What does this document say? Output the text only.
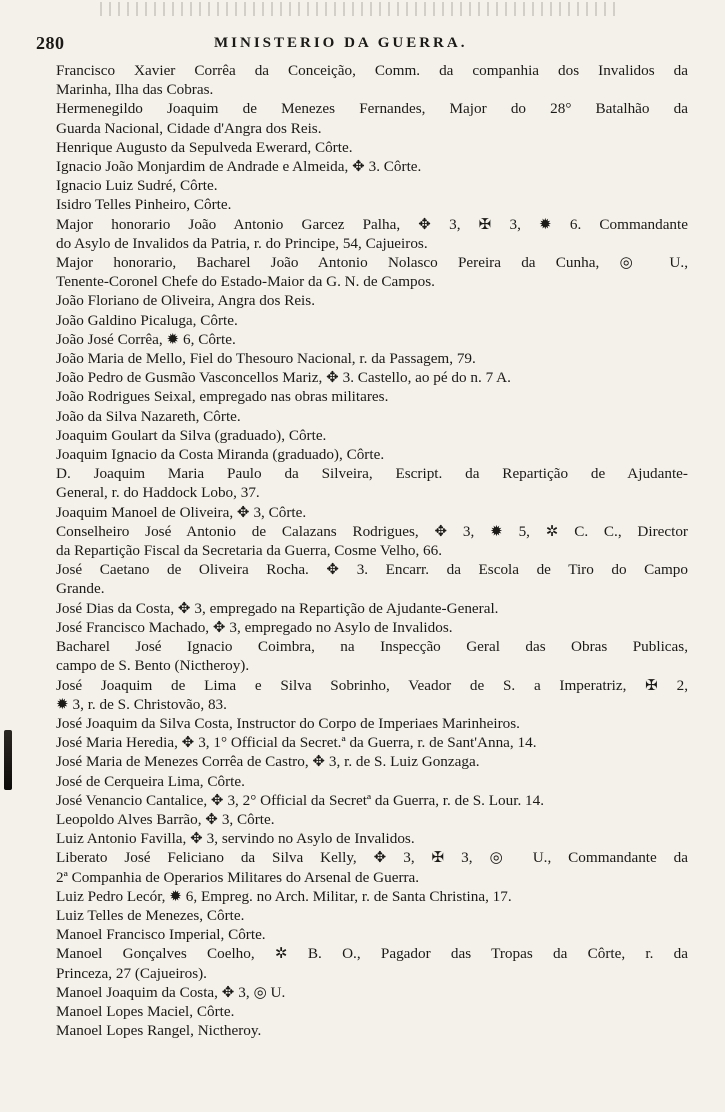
280	MINISTERIO DA GUERRA.
Francisco Xavier Corrêa da Conceição, Comm. da companhia dos Invalidos da
Marinha, Ilha das Cobras.
Hermenegildo Joaquim de Menezes Fernandes, Major do 28° Batalhão da
Guarda Nacional, Cidade d'Angra dos Reis.
Henrique Augusto da Sepulveda Ewerard, Côrte.
Ignacio João Monjardim de Andrade e Almeida, ✥ 3. Côrte.
Ignacio Luiz Sudré, Côrte.
Isidro Telles Pinheiro, Côrte.
Major honorario João Antonio Garcez Palha, ✥ 3, ✠ 3, ✹ 6. Commandante
do Asylo de Invalidos da Patria, r. do Principe, 54, Cajueiros.
Major honorario, Bacharel João Antonio Nolasco Pereira da Cunha, ◎ U.,
Tenente-Coronel Chefe do Estado-Maior da G. N. de Campos.
João Floriano de Oliveira, Angra dos Reis.
João Galdino Picaluga, Côrte.
João José Corrêa, ✹ 6, Côrte.
João Maria de Mello, Fiel do Thesouro Nacional, r. da Passagem, 79.
João Pedro de Gusmão Vasconcellos Mariz, ✥ 3. Castello, ao pé do n. 7 A.
João Rodrigues Seixal, empregado nas obras militares.
João da Silva Nazareth, Côrte.
Joaquim Goulart da Silva (graduado), Côrte.
Joaquim Ignacio da Costa Miranda (graduado), Côrte.
D. Joaquim Maria Paulo da Silveira, Escript. da Repartição de Ajudante-
General, r. do Haddock Lobo, 37.
Joaquim Manoel de Oliveira, ✥ 3, Côrte.
Conselheiro José Antonio de Calazans Rodrigues, ✥ 3, ✹ 5, ✲ C. C., Director
da Repartição Fiscal da Secretaria da Guerra, Cosme Velho, 66.
José Caetano de Oliveira Rocha. ✥ 3. Encarr. da Escola de Tiro do Campo
Grande.
José Dias da Costa, ✥ 3, empregado na Repartição de Ajudante-General.
José Francisco Machado, ✥ 3, empregado no Asylo de Invalidos.
Bacharel José Ignacio Coimbra, na Inspecção Geral das Obras Publicas,
campo de S. Bento (Nictheroy).
José Joaquim de Lima e Silva Sobrinho, Veador de S. a Imperatriz, ✠ 2,
✹ 3, r. de S. Christovão, 83.
José Joaquim da Silva Costa, Instructor do Corpo de Imperiaes Marinheiros.
José Maria Heredia, ✥ 3, 1° Official da Secret.ª da Guerra, r. de Sant'Anna, 14.
José Maria de Menezes Corrêa de Castro, ✥ 3, r. de S. Luiz Gonzaga.
José de Cerqueira Lima, Côrte.
José Venancio Cantalice, ✥ 3, 2° Official da Secretª da Guerra, r. de S. Lour. 14.
Leopoldo Alves Barrão, ✥ 3, Côrte.
Luiz Antonio Favilla, ✥ 3, servindo no Asylo de Invalidos.
Liberato José Feliciano da Silva Kelly, ✥ 3, ✠ 3, ◎ U., Commandante da
2ª Companhia de Operarios Militares do Arsenal de Guerra.
Luiz Pedro Lecór, ✹ 6, Empreg. no Arch. Militar, r. de Santa Christina, 17.
Luiz Telles de Menezes, Côrte.
Manoel Francisco Imperial, Côrte.
Manoel Gonçalves Coelho, ✲ B. O., Pagador das Tropas da Côrte, r. da
Princeza, 27 (Cajueiros).
Manoel Joaquim da Costa, ✥ 3, ◎ U.
Manoel Lopes Maciel, Côrte.
Manoel Lopes Rangel, Nictheroy.
